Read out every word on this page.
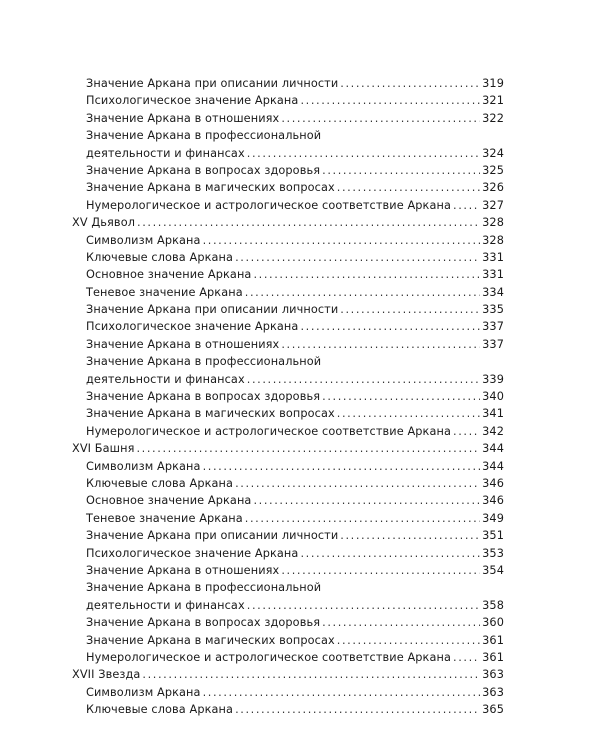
Значение Аркана при описании личности .....	319
Психологическое значение Аркана .....	321
Значение Аркана в отношениях .....	322
Значение Аркана в профессиональной
деятельности и финансах .....	324
Значение Аркана в вопросах здоровья .....	325
Значение Аркана в магических вопросах .....	326
Нумерологическое и астрологическое соответствие Аркана .....	327
XV Дьявол .....	328
Символизм Аркана .....	328
Ключевые слова Аркана .....	331
Основное значение Аркана .....	331
Теневое значение Аркана .....	334
Значение Аркана при описании личности .....	335
Психологическое значение Аркана .....	337
Значение Аркана в отношениях .....	337
Значение Аркана в профессиональной
деятельности и финансах .....	339
Значение Аркана в вопросах здоровья .....	340
Значение Аркана в магических вопросах .....	341
Нумерологическое и астрологическое соответствие Аркана .....	342
XVI Башня .....	344
Символизм Аркана .....	344
Ключевые слова Аркана .....	346
Основное значение Аркана .....	346
Теневое значение Аркана .....	349
Значение Аркана при описании личности .....	351
Психологическое значение Аркана .....	353
Значение Аркана в отношениях .....	354
Значение Аркана в профессиональной
деятельности и финансах .....	358
Значение Аркана в вопросах здоровья .....	360
Значение Аркана в магических вопросах .....	361
Нумерологическое и астрологическое соответствие Аркана .....	361
XVII Звезда .....	363
Символизм Аркана .....	363
Ключевые слова Аркана .....	365
